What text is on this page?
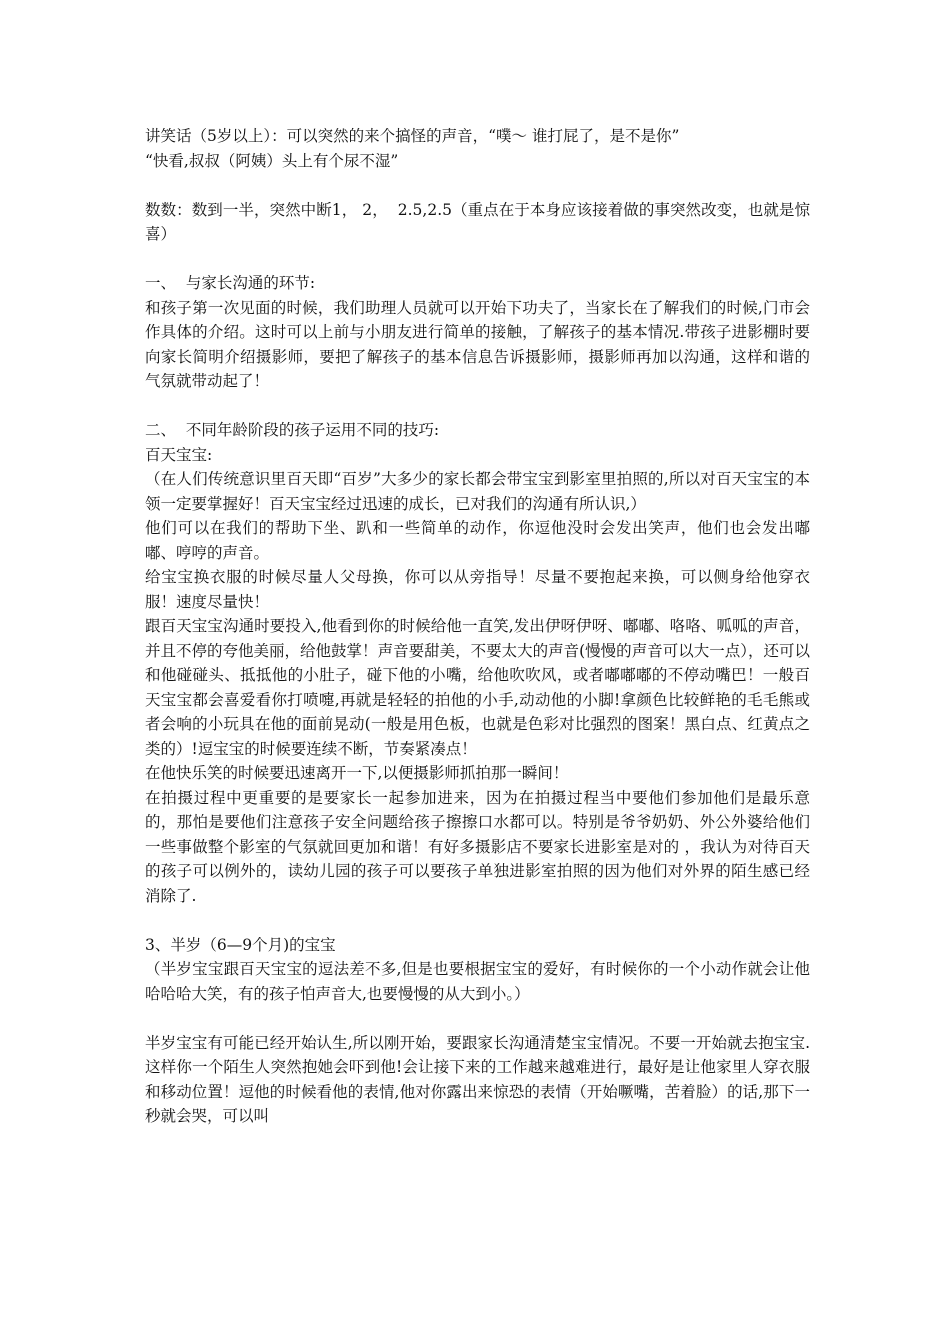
讲笑话（5岁以上）：可以突然的来个搞怪的声音，“噗～ 谁打屁了，是不是你”

“快看,叔叔（阿姨）头上有个尿不湿”

数数：数到一半，突然中断1， 2，  2.5,2.5（重点在于本身应该接着做的事突然改变，也就是惊喜）

一、  与家长沟通的环节:

和孩子第一次见面的时候，我们助理人员就可以开始下功夫了，当家长在了解我们的时候,门市会作具体的介绍。这时可以上前与小朋友进行简单的接触，了解孩子的基本情况.带孩子进影棚时要向家长简明介绍摄影师，要把了解孩子的基本信息告诉摄影师，摄影师再加以沟通，这样和谐的气氛就带动起了！

二、  不同年龄阶段的孩子运用不同的技巧:

百天宝宝:

（在人们传统意识里百天即“百岁”大多少的家长都会带宝宝到影室里拍照的,所以对百天宝宝的本领一定要掌握好！百天宝宝经过迅速的成长，已对我们的沟通有所认识,）

他们可以在我们的帮助下坐、趴和一些简单的动作，你逗他没时会发出笑声，他们也会发出嘟嘟、哼哼的声音。

给宝宝换衣服的时候尽量人父母换，你可以从旁指导！尽量不要抱起来换，可以侧身给他穿衣服！速度尽量快！

跟百天宝宝沟通时要投入,他看到你的时候给他一直笑,发出伊呀伊呀、嘟嘟、咯咯、呱呱的声音，并且不停的夸他美丽，给他鼓掌！声音要甜美，不要太大的声音(慢慢的声音可以大一点），还可以和他碰碰头、抵抵他的小肚子，碰下他的小嘴，给他吹吹风，或者嘟嘟嘟的不停动嘴巴！一般百天宝宝都会喜爱看你打喷嚏,再就是轻轻的拍他的小手,动动他的小脚!拿颜色比较鲜艳的毛毛熊或者会响的小玩具在他的面前晃动(一般是用色板，也就是色彩对比强烈的图案！黑白点、红黄点之类的）!逗宝宝的时候要连续不断，节奏紧凑点！

在他快乐笑的时候要迅速离开一下,以便摄影师抓拍那一瞬间！

在拍摄过程中更重要的是要家长一起参加进来，因为在拍摄过程当中要他们参加他们是最乐意的，那怕是要他们注意孩子安全问题给孩子擦擦口水都可以。特别是爷爷奶奶、外公外婆给他们一些事做整个影室的气氛就回更加和谐！有好多摄影店不要家长进影室是对的 ，我认为对待百天的孩子可以例外的，读幼儿园的孩子可以要孩子单独进影室拍照的因为他们对外界的陌生感已经消除了.

3、半岁（6—9个月)的宝宝

（半岁宝宝跟百天宝宝的逗法差不多,但是也要根据宝宝的爱好，有时候你的一个小动作就会让他哈哈哈大笑，有的孩子怕声音大,也要慢慢的从大到小。）

半岁宝宝有可能已经开始认生,所以刚开始，要跟家长沟通清楚宝宝情况。不要一开始就去抱宝宝.这样你一个陌生人突然抱她会吓到他!会让接下来的工作越来越难进行，最好是让他家里人穿衣服和移动位置！逗他的时候看他的表情,他对你露出来惊恐的表情（开始噘嘴，苦着脸）的话,那下一秒就会哭，可以叫
